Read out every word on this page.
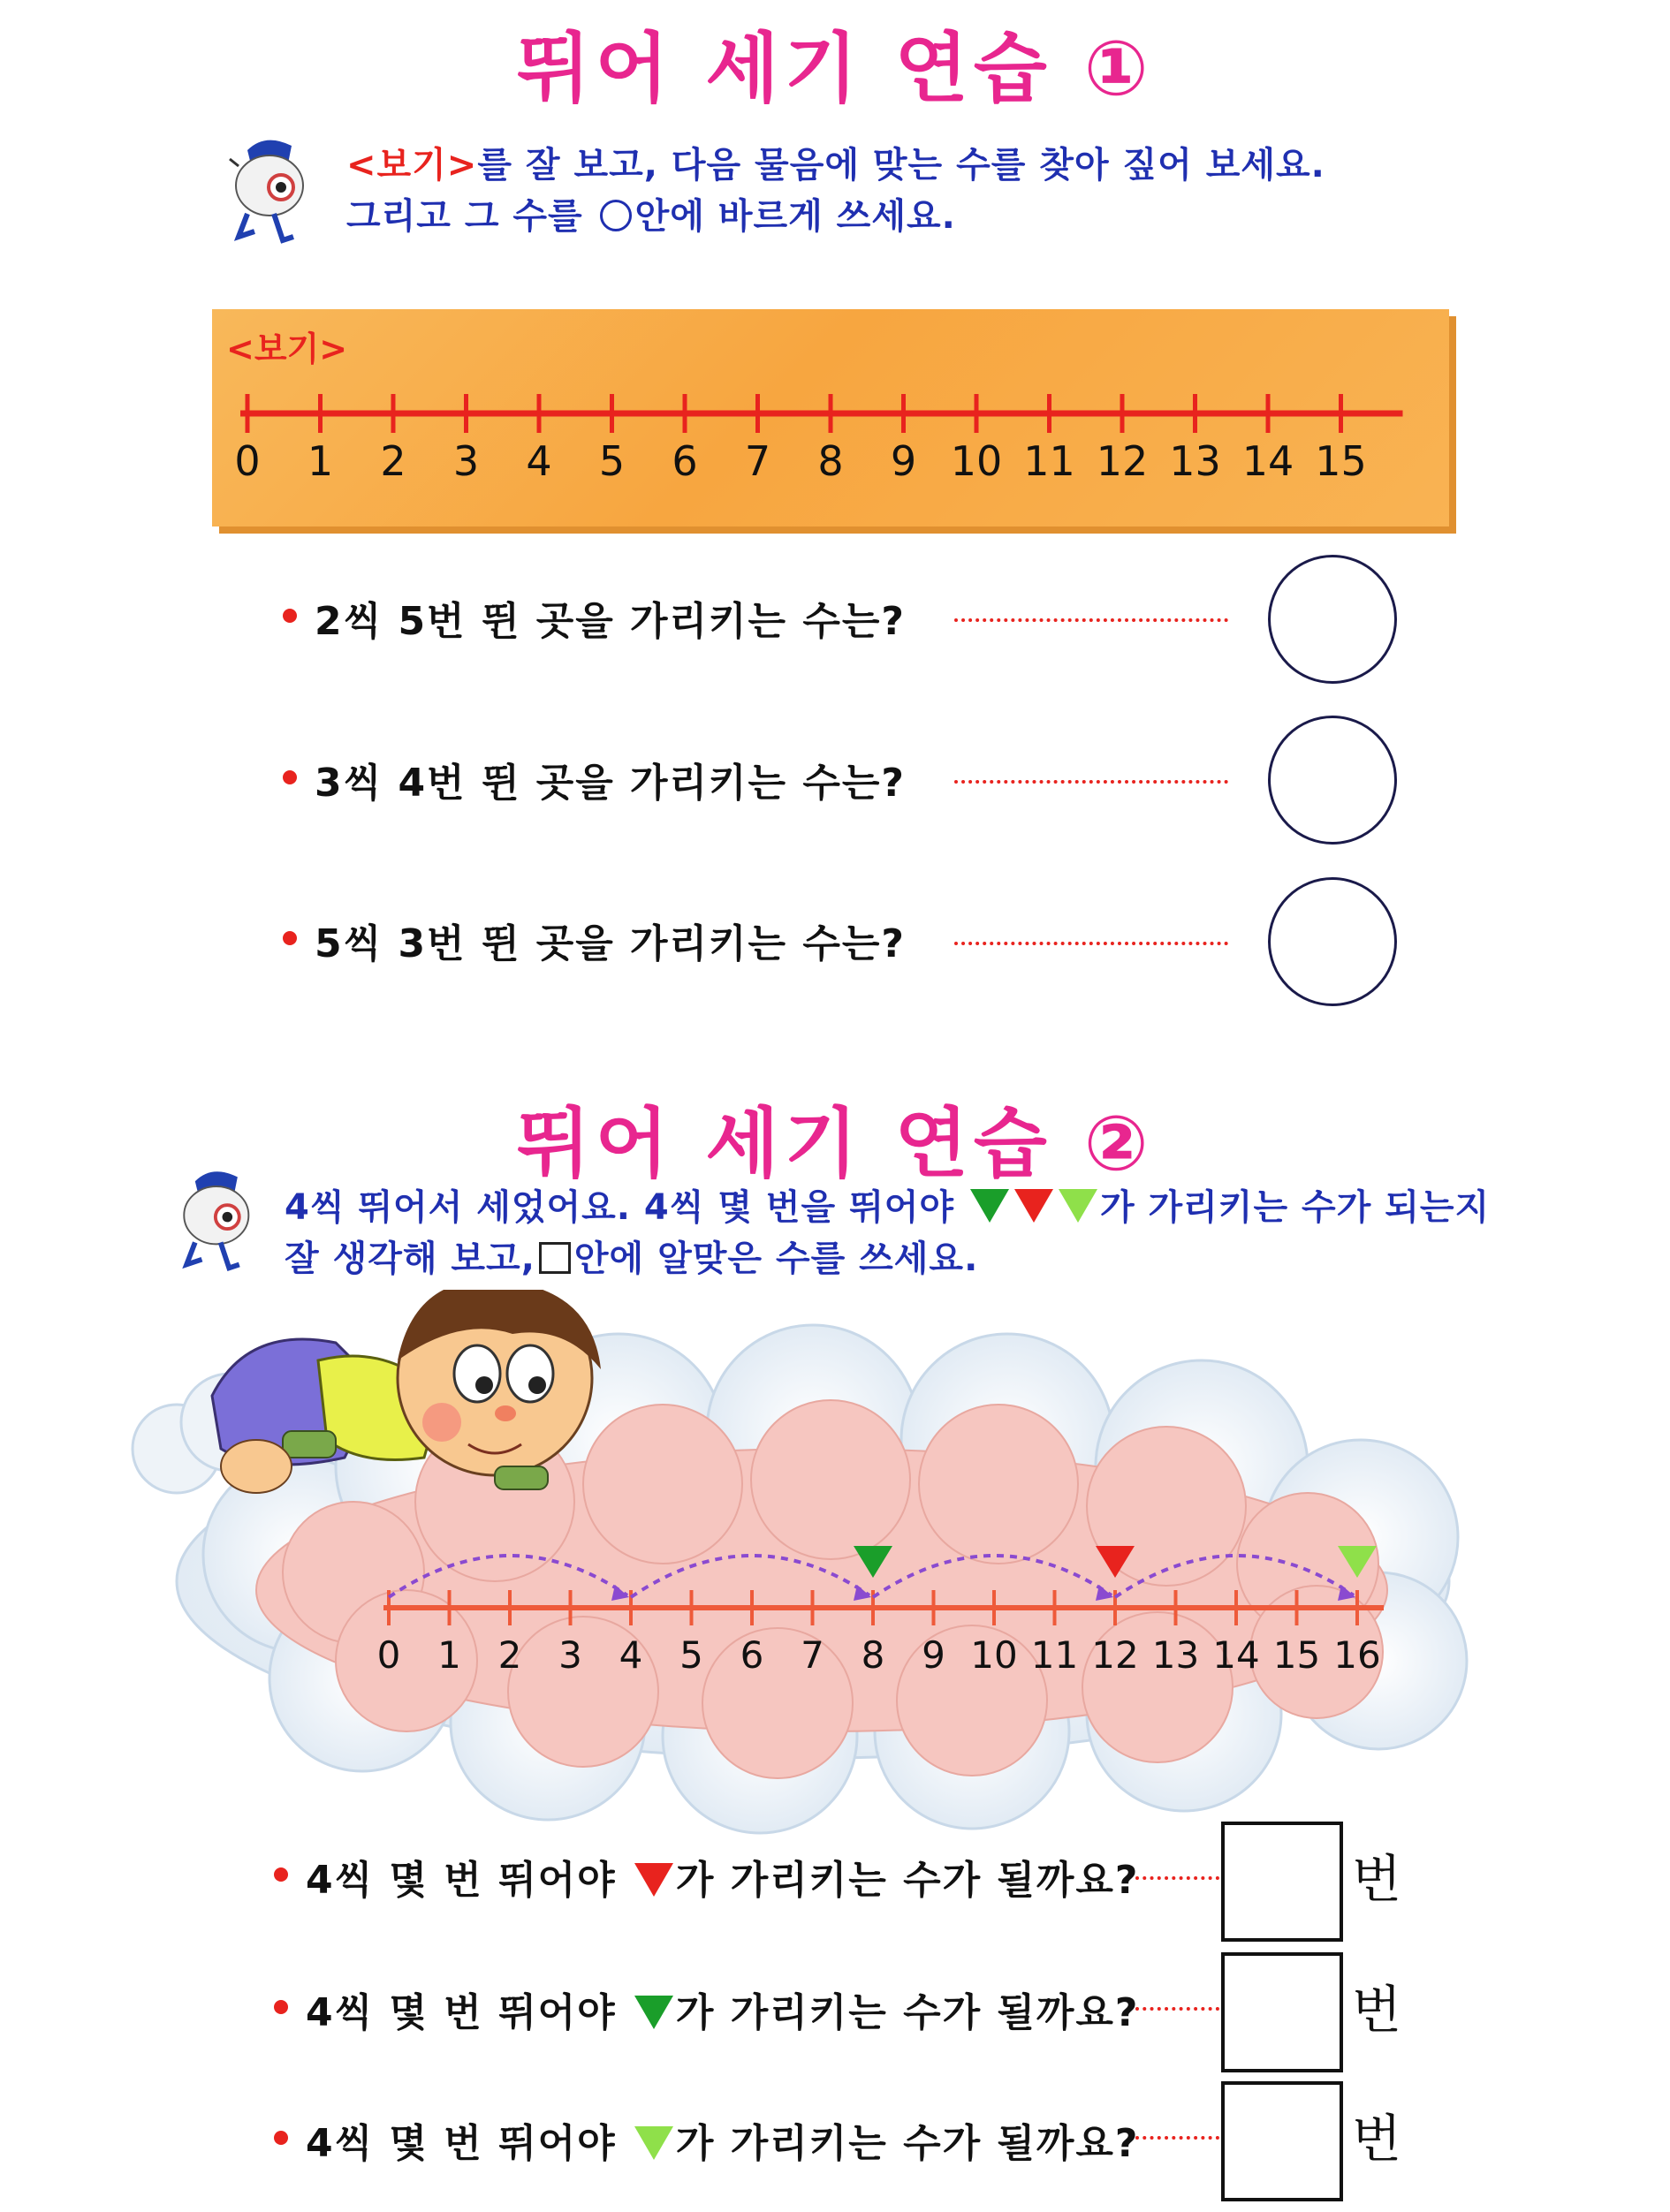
뛰어 세기 연습 ①
<보기>를 잘 보고, 다음 물음에 맞는 수를 찾아 짚어 보세요.
그리고 그 수를 안에 바르게 쓰세요.
<보기>
0 1 2 3 4 5 6 7 8 9 10 11 12 13 14 15
2씩 5번 뛴 곳을 가리키는 수는?
3씩 4번 뛴 곳을 가리키는 수는?
5씩 3번 뛴 곳을 가리키는 수는?
뛰어 세기 연습 ②
4씩 뛰어서 세었어요. 4씩 몇 번을 뛰어야	가 가리키는 수가 되는지
잘 생각해 보고, 안에 알맞은 수를 쓰세요.
0 1 2 3 4 5 6 7 8 9 10 11 12 13 14 15 16
4씩 몇 번 뛰어야 가 가리키는 수가 될까요?	번
4씩 몇 번 뛰어야 가 가리키는 수가 될까요?	번
4씩 몇 번 뛰어야 가 가리키는 수가 될까요?	번
